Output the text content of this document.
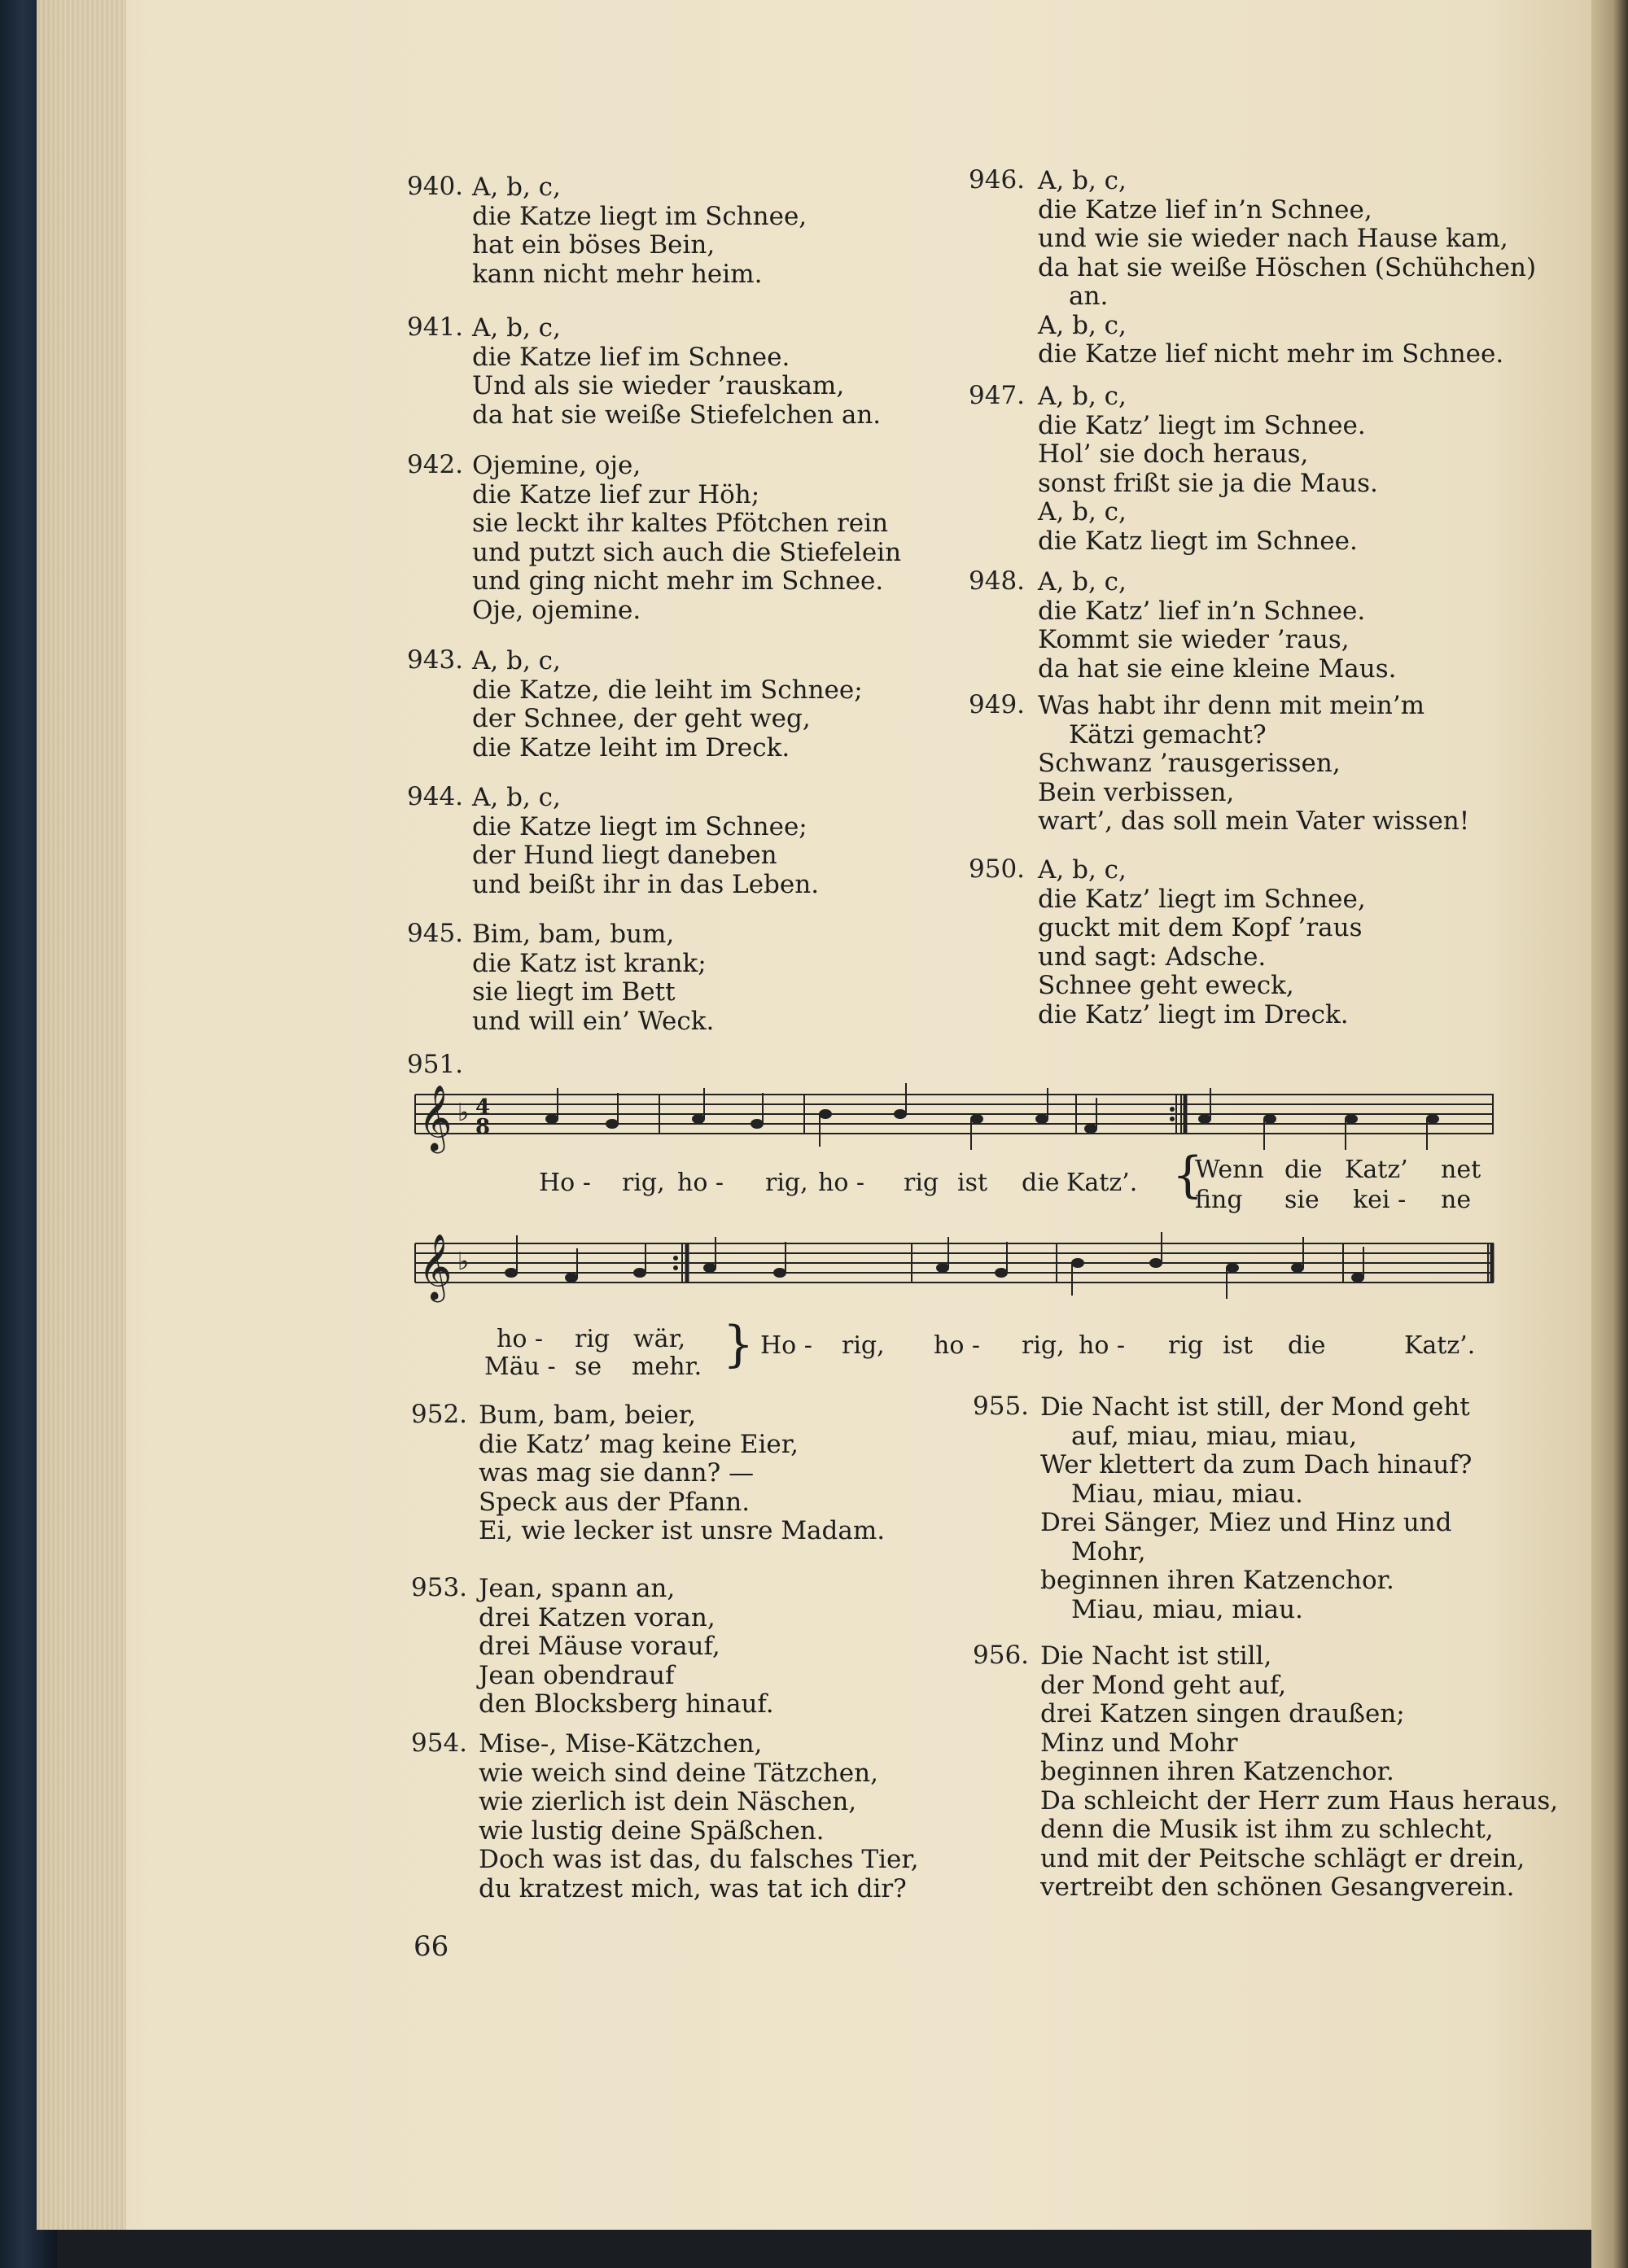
940. A, b, c,
die Katze liegt im Schnee,
hat ein böses Bein,
kann nicht mehr heim.
941. A, b, c,
die Katze lief im Schnee.
Und als sie wieder ’rauskam,
da hat sie weiße Stiefelchen an.
942. Ojemine, oje,
die Katze lief zur Höh;
sie leckt ihr kaltes Pfötchen rein
und putzt sich auch die Stiefelein
und ging nicht mehr im Schnee.
Oje, ojemine.
943. A, b, c,
die Katze, die leiht im Schnee;
der Schnee, der geht weg,
die Katze leiht im Dreck.
944. A, b, c,
die Katze liegt im Schnee;
der Hund liegt daneben
und beißt ihr in das Leben.
945. Bim, bam, bum,
die Katz ist krank;
sie liegt im Bett
und will ein’ Weck.
946. A, b, c,
die Katze lief in’n Schnee,
und wie sie wieder nach Hause kam,
da hat sie weiße Höschen (Schühchen)
an.
A, b, c,
die Katze lief nicht mehr im Schnee.
947. A, b, c,
die Katz’ liegt im Schnee.
Hol’ sie doch heraus,
sonst frißt sie ja die Maus.
A, b, c,
die Katz liegt im Schnee.
948. A, b, c,
die Katz’ lief in’n Schnee.
Kommt sie wieder ’raus,
da hat sie eine kleine Maus.
949. Was habt ihr denn mit mein’m
Kätzi gemacht?
Schwanz ’rausgerissen,
Bein verbissen,
wart’, das soll mein Vater wissen!
950. A, b, c,
die Katz’ liegt im Schnee,
guckt mit dem Kopf ’raus
und sagt: Adsche.
Schnee geht eweck,
die Katz’ liegt im Dreck.
952. Bum, bam, beier,
die Katz’ mag keine Eier,
was mag sie dann? —
Speck aus der Pfann.
Ei, wie lecker ist unsre Madam.
953. Jean, spann an,
drei Katzen voran,
drei Mäuse vorauf,
Jean obendrauf
den Blocksberg hinauf.
954. Mise-, Mise-Kätzchen,
wie weich sind deine Tätzchen,
wie zierlich ist dein Näschen,
wie lustig deine Späßchen.
Doch was ist das, du falsches Tier,
du kratzest mich, was tat ich dir?
955. Die Nacht ist still, der Mond geht
auf, miau, miau, miau,
Wer klettert da zum Dach hinauf?
Miau, miau, miau.
Drei Sänger, Miez und Hinz und
Mohr,
beginnen ihren Katzenchor.
Miau, miau, miau.
956. Die Nacht ist still,
der Mond geht auf,
drei Katzen singen draußen;
Minz und Mohr
beginnen ihren Katzenchor.
Da schleicht der Herr zum Haus heraus,
denn die Musik ist ihm zu schlecht,
und mit der Peitsche schlägt er drein,
vertreibt den schönen Gesangverein.
951.
𝄞 ♭ 4
8
𝄞 ♭
Ho - rig, ho - rig, ho - rig ist die Katz’. Wenn die Katz’ net
fing sie kei - ne
{
ho - rig wär,
Mäu - se mehr. } Ho - rig, ho - rig, ho - rig ist die	Katz’.
66
